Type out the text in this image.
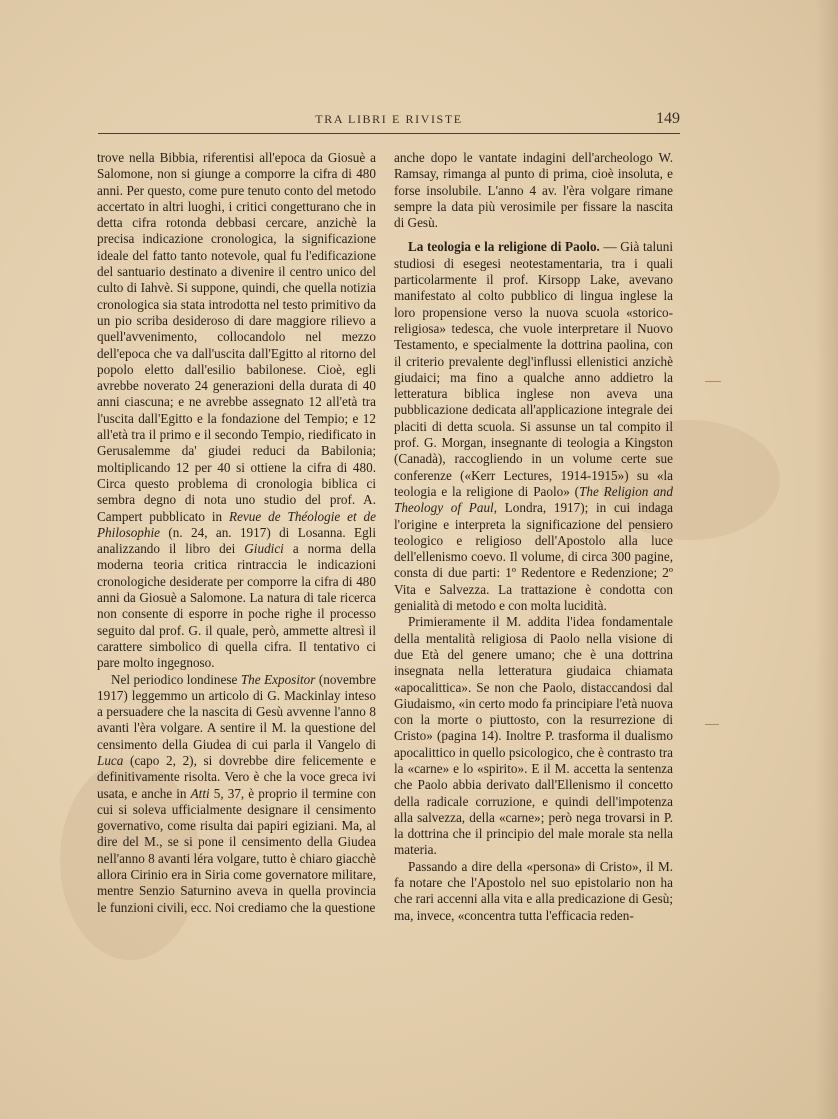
TRA LIBRI E RIVISTE	149

trove nella Bibbia, riferentisi all'epoca da Giosuè a Salomone, non si giunge a comporre la cifra di 480 anni. Per questo, come pure tenuto conto del metodo accertato in altri luoghi, i critici congetturano che in detta cifra rotonda debbasi cercare, anzichè la precisa indicazione cronologica, la significazione ideale del fatto tanto notevole, qual fu l'edificazione del santuario destinato a divenire il centro unico del culto di Iahvè. Si suppone, quindi, che quella notizia cronologica sia stata introdotta nel testo primitivo da un pio scriba desideroso di dare maggiore rilievo a quell'avvenimento, collocandolo nel mezzo dell'epoca che va dall'uscita dall'Egitto al ritorno del popolo eletto dall'esilio babilonese. Cioè, egli avrebbe noverato 24 generazioni della durata di 40 anni ciascuna; e ne avrebbe assegnato 12 all'età tra l'uscita dall'Egitto e la fondazione del Tempio; e 12 all'età tra il primo e il secondo Tempio, riedificato in Gerusalemme da' giudei reduci da Babilonia; moltiplicando 12 per 40 si ottiene la cifra di 480. Circa questo problema di cronologia biblica ci sembra degno di nota uno studio del prof. A. Campert pubblicato in Revue de Théologie et de Philosophie (n. 24, an. 1917) di Losanna. Egli analizzando il libro dei Giudici a norma della moderna teoria critica rintraccia le indicazioni cronologiche desiderate per comporre la cifra di 480 anni da Giosuè a Salomone. La natura di tale ricerca non consente di esporre in poche righe il processo seguito dal prof. G. il quale, però, ammette altresì il carattere simbolico di quella cifra. Il tentativo ci pare molto ingegnoso.

Nel periodico londinese The Expositor (novembre 1917) leggemmo un articolo di G. Mackinlay inteso a persuadere che la nascita di Gesù avvenne l'anno 8 avanti l'èra volgare. A sentire il M. la questione del censimento della Giudea di cui parla il Vangelo di Luca (capo 2, 2), si dovrebbe dire felicemente e definitivamente risolta. Vero è che la voce greca ivi usata, e anche in Atti 5, 37, è proprio il termine con cui si soleva ufficialmente designare il censimento governativo, come risulta dai papiri egiziani. Ma, al dire del M., se si pone il censimento della Giudea nell'anno 8 avanti léra volgare, tutto è chiaro giacchè allora Cirinio era in Siria come governatore militare, mentre Senzio Saturnino aveva in quella provincia le funzioni civili, ecc. Noi crediamo che la questione

anche dopo le vantate indagini dell'archeologo W. Ramsay, rimanga al punto di prima, cioè insoluta, e forse insolubile. L'anno 4 av. l'èra volgare rimane sempre la data più verosimile per fissare la nascita di Gesù.

La teologia e la religione di Paolo. — Già taluni studiosi di esegesi neotestamentaria, tra i quali particolarmente il prof. Kirsopp Lake, avevano manifestato al colto pubblico di lingua inglese la loro propensione verso la nuova scuola «storico-religiosa» tedesca, che vuole interpretare il Nuovo Testamento, e specialmente la dottrina paolina, con il criterio prevalente degl'influssi ellenistici anzichè giudaici; ma fino a qualche anno addietro la letteratura biblica inglese non aveva una pubblicazione dedicata all'applicazione integrale dei placiti di detta scuola. Si assunse un tal compito il prof. G. Morgan, insegnante di teologia a Kingston (Canadà), raccogliendo in un volume certe sue conferenze («Kerr Lectures, 1914-1915») su «la teologia e la religione di Paolo» (The Religion and Theology of Paul, Londra, 1917); in cui indaga l'origine e interpreta la significazione del pensiero teologico e religioso dell'Apostolo alla luce dell'ellenismo coevo. Il volume, di circa 300 pagine, consta di due parti: 1º Redentore e Redenzione; 2º Vita e Salvezza. La trattazione è condotta con genialità di metodo e con molta lucidità.

Primieramente il M. addita l'idea fondamentale della mentalità religiosa di Paolo nella visione di due Età del genere umano; che è una dottrina insegnata nella letteratura giudaica chiamata «apocalittica». Se non che Paolo, distaccandosi dal Giudaismo, «in certo modo fa principiare l'età nuova con la morte o piuttosto, con la resurrezione di Cristo» (pagina 14). Inoltre P. trasforma il dualismo apocalittico in quello psicologico, che è contrasto tra la «carne» e lo «spirito». E il M. accetta la sentenza che Paolo abbia derivato dall'Ellenismo il concetto della radicale corruzione, e quindi dell'impotenza alla salvezza, della «carne»; però nega trovarsi in P. la dottrina che il principio del male morale sta nella materia.

Passando a dire della «persona» di Cristo», il M. fa notare che l'Apostolo nel suo epistolario non ha che rari accenni alla vita e alla predicazione di Gesù; ma, invece, «concentra tutta l'efficacia reden-
